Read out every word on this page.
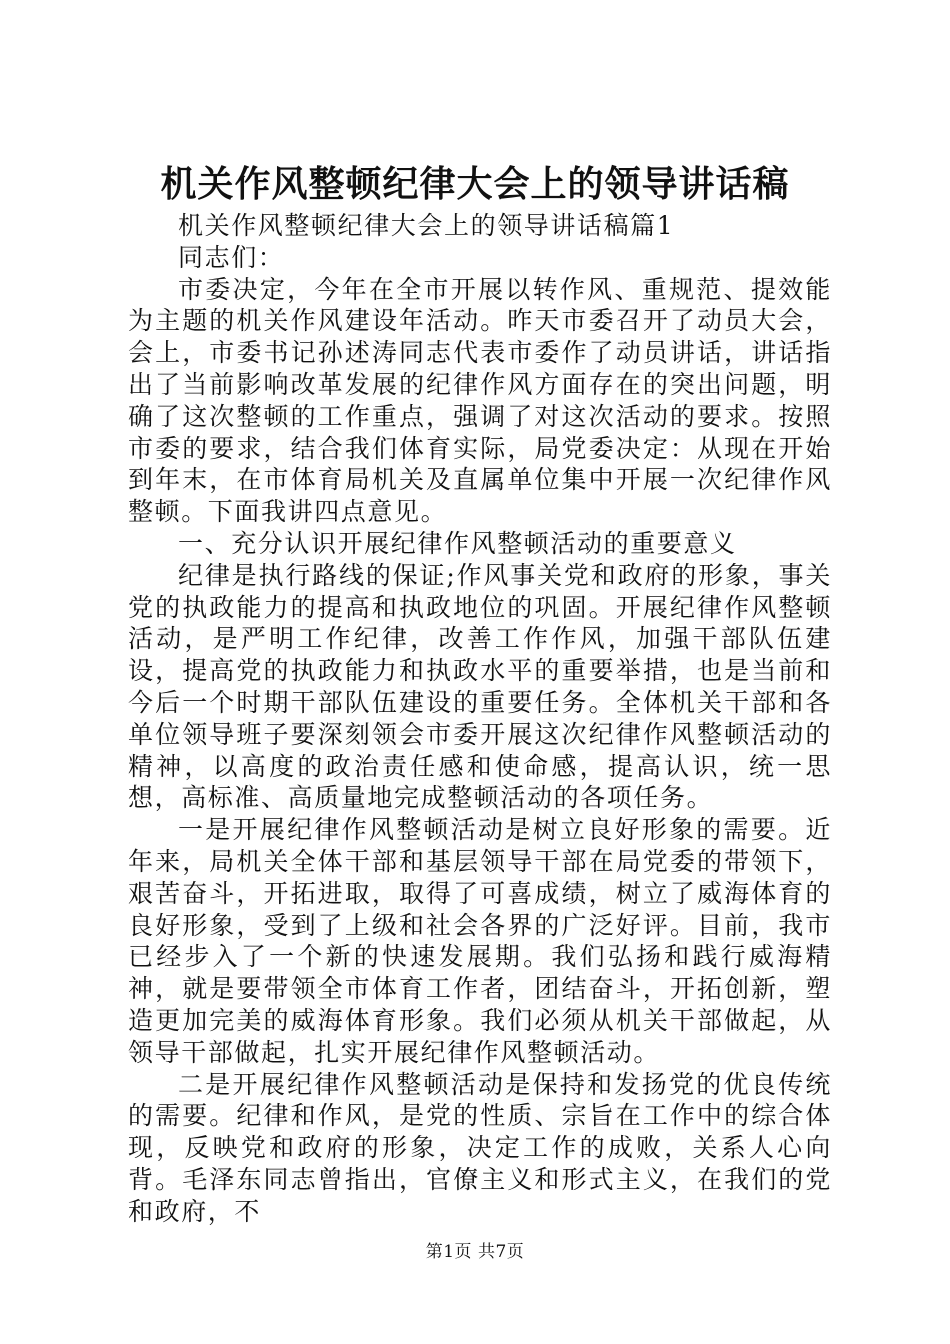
机关作风整顿纪律大会上的领导讲话稿

机关作风整顿纪律大会上的领导讲话稿篇1

同志们：

市委决定，今年在全市开展以转作风、重规范、提效能为主题的机关作风建设年活动。昨天市委召开了动员大会，会上，市委书记孙述涛同志代表市委作了动员讲话，讲话指出了当前影响改革发展的纪律作风方面存在的突出问题，明确了这次整顿的工作重点，强调了对这次活动的要求。按照市委的要求，结合我们体育实际，局党委决定：从现在开始到年末，在市体育局机关及直属单位集中开展一次纪律作风整顿。下面我讲四点意见。

一、充分认识开展纪律作风整顿活动的重要意义

纪律是执行路线的保证;作风事关党和政府的形象，事关党的执政能力的提高和执政地位的巩固。开展纪律作风整顿活动，是严明工作纪律，改善工作作风，加强干部队伍建设，提高党的执政能力和执政水平的重要举措，也是当前和今后一个时期干部队伍建设的重要任务。全体机关干部和各单位领导班子要深刻领会市委开展这次纪律作风整顿活动的精神，以高度的政治责任感和使命感，提高认识，统一思想，高标准、高质量地完成整顿活动的各项任务。

一是开展纪律作风整顿活动是树立良好形象的需要。近年来，局机关全体干部和基层领导干部在局党委的带领下，艰苦奋斗，开拓进取，取得了可喜成绩，树立了威海体育的良好形象，受到了上级和社会各界的广泛好评。目前，我市已经步入了一个新的快速发展期。我们弘扬和践行威海精神，就是要带领全市体育工作者，团结奋斗，开拓创新，塑造更加完美的威海体育形象。我们必须从机关干部做起，从领导干部做起，扎实开展纪律作风整顿活动。

二是开展纪律作风整顿活动是保持和发扬党的优良传统的需要。纪律和作风，是党的性质、宗旨在工作中的综合体现，反映党和政府的形象，决定工作的成败，关系人心向背。毛泽东同志曾指出，官僚主义和形式主义，在我们的党和政府，不

第1页 共7页
